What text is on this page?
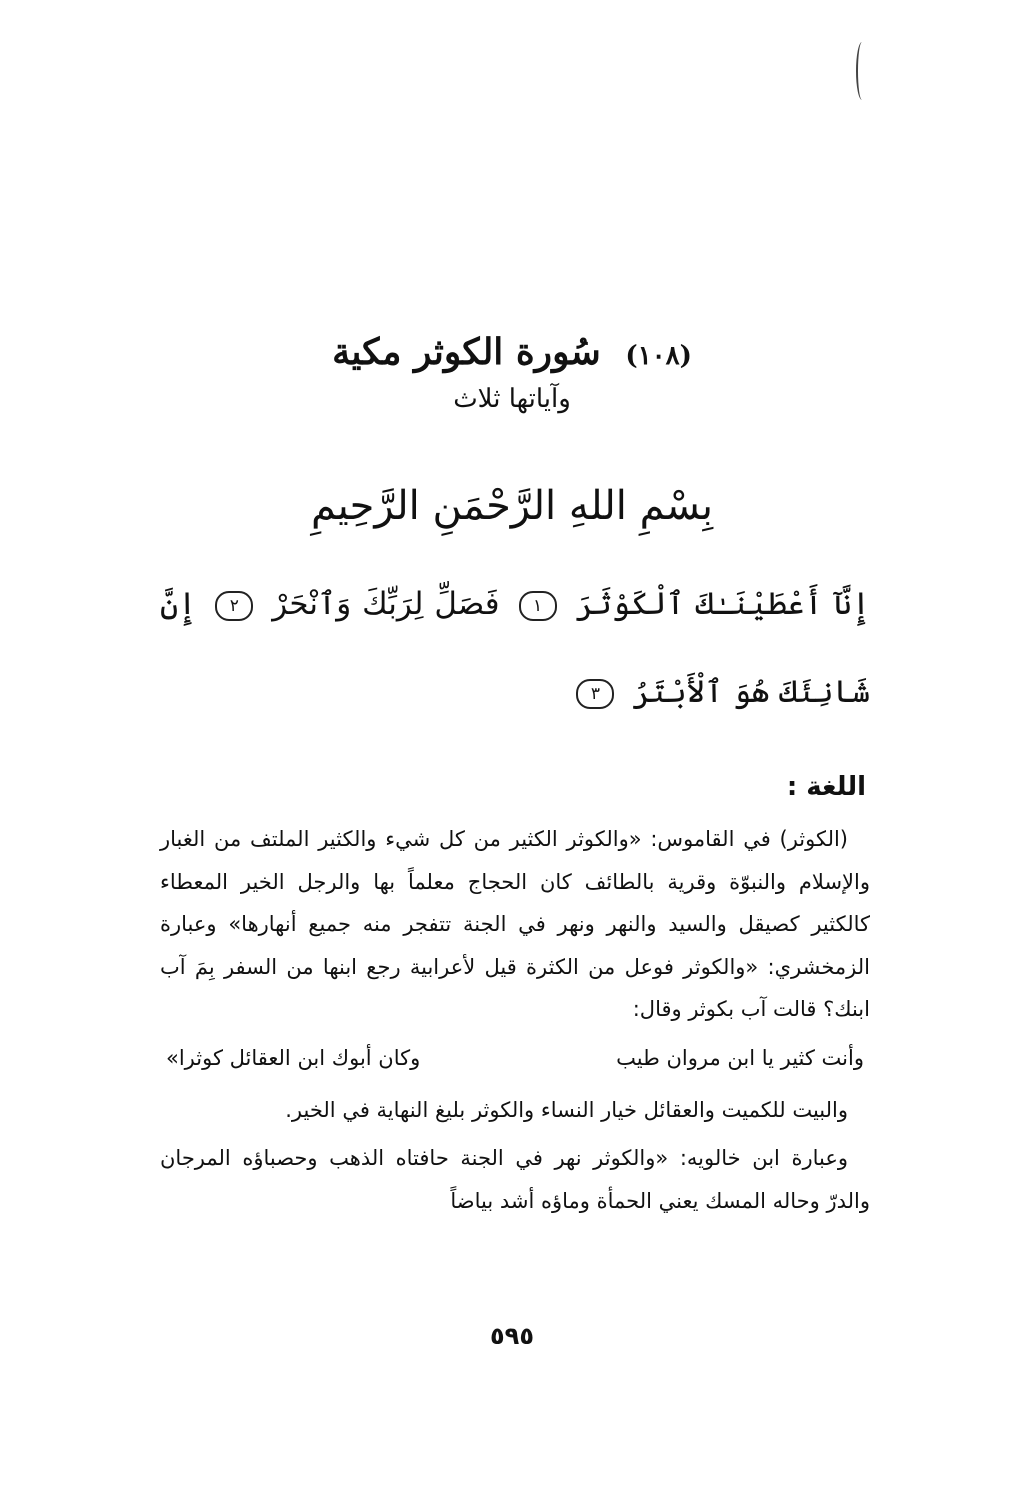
(١٠٨) سُورة الكوثر مكية
وآياتها ثلاث
بِسْمِ اللهِ الرَّحْمَنِ الرَّحِيمِ
إِنَّآ أَعْطَيْنَـٰكَ ٱلْكَوْثَرَ ١ فَصَلِّ لِرَبِّكَ وَٱنْحَرْ ٢ إِنَّ شَانِئَكَ هُوَ ٱلْأَبْتَرُ ٣
اللغة :

(الكوثر) في القاموس: «والكوثر الكثير من كل شيء والكثير الملتف من الغبار والإسلام والنبوّة وقرية بالطائف كان الحجاج معلماً بها والرجل الخير المعطاء كالكثير كصيقل والسيد والنهر ونهر في الجنة تتفجر منه جميع أنهارها» وعبارة الزمخشري: «والكوثر فوعل من الكثرة قيل لأعرابية رجع ابنها من السفر بِمَ آب ابنك؟ قالت آب بكوثر وقال:

وأنت كثير يا ابن مروان طيب
وكان أبوك ابن العقائل كوثرا»

والبيت للكميت والعقائل خيار النساء والكوثر بليغ النهاية في الخير.

وعبارة ابن خالويه: «والكوثر نهر في الجنة حافتاه الذهب وحصباؤه المرجان والدرّ وحاله المسك يعني الحمأة وماؤه أشد بياضاً

٥٩٥
